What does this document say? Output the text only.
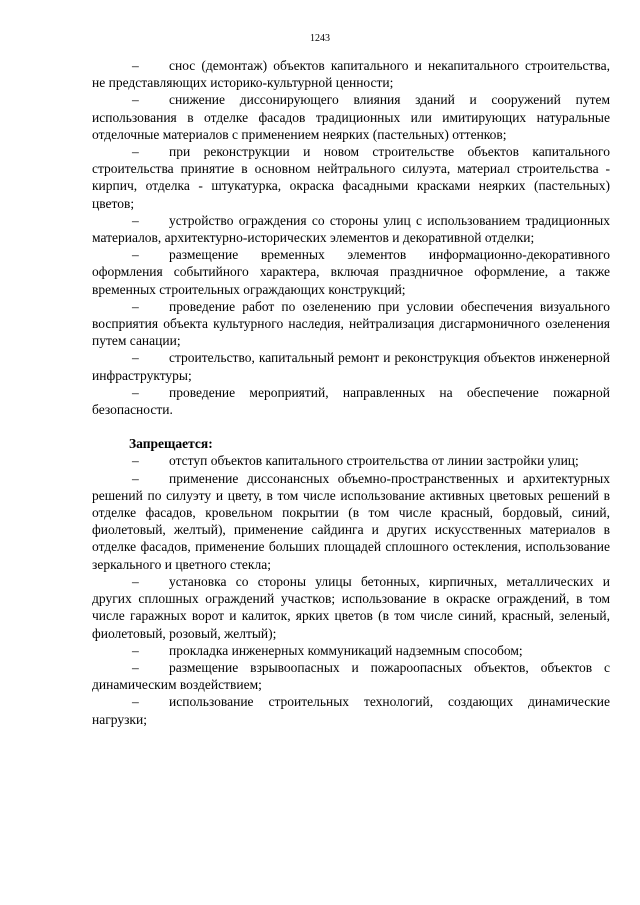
1243

– снос (демонтаж) объектов капитального и некапитального строительства, не представляющих историко-культурной ценности;

– снижение диссонирующего влияния зданий и сооружений путем использования в отделке фасадов традиционных или имитирующих натуральные отделочные материалов с применением неярких (пастельных) оттенков;

– при реконструкции и новом строительстве объектов капитального строительства принятие в основном нейтрального силуэта, материал строительства - кирпич, отделка - штукатурка, окраска фасадными красками неярких (пастельных) цветов;

– устройство ограждения со стороны улиц с использованием традиционных материалов, архитектурно-исторических элементов и декоративной отделки;

– размещение временных элементов информационно-декоративного оформления событийного характера, включая праздничное оформление, а также временных строительных ограждающих конструкций;

– проведение работ по озеленению при условии обеспечения визуального восприятия объекта культурного наследия, нейтрализация дисгармоничного озеленения путем санации;

– строительство, капитальный ремонт и реконструкция объектов инженерной инфраструктуры;

– проведение мероприятий, направленных на обеспечение пожарной безопасности.

Запрещается:

– отступ объектов капитального строительства от линии застройки улиц;

– применение диссонансных объемно-пространственных и архитектурных решений по силуэту и цвету, в том числе использование активных цветовых решений в отделке фасадов, кровельном покрытии (в том числе красный, бордовый, синий, фиолетовый, желтый), применение сайдинга и других искусственных материалов в отделке фасадов, применение больших площадей сплошного остекления, использование зеркального и цветного стекла;

– установка со стороны улицы бетонных, кирпичных, металлических и других сплошных ограждений участков; использование в окраске ограждений, в том числе гаражных ворот и калиток, ярких цветов (в том числе синий, красный, зеленый, фиолетовый, розовый, желтый);

– прокладка инженерных коммуникаций надземным способом;

– размещение взрывоопасных и пожароопасных объектов, объектов с динамическим воздействием;

– использование строительных технологий, создающих динамические нагрузки;
